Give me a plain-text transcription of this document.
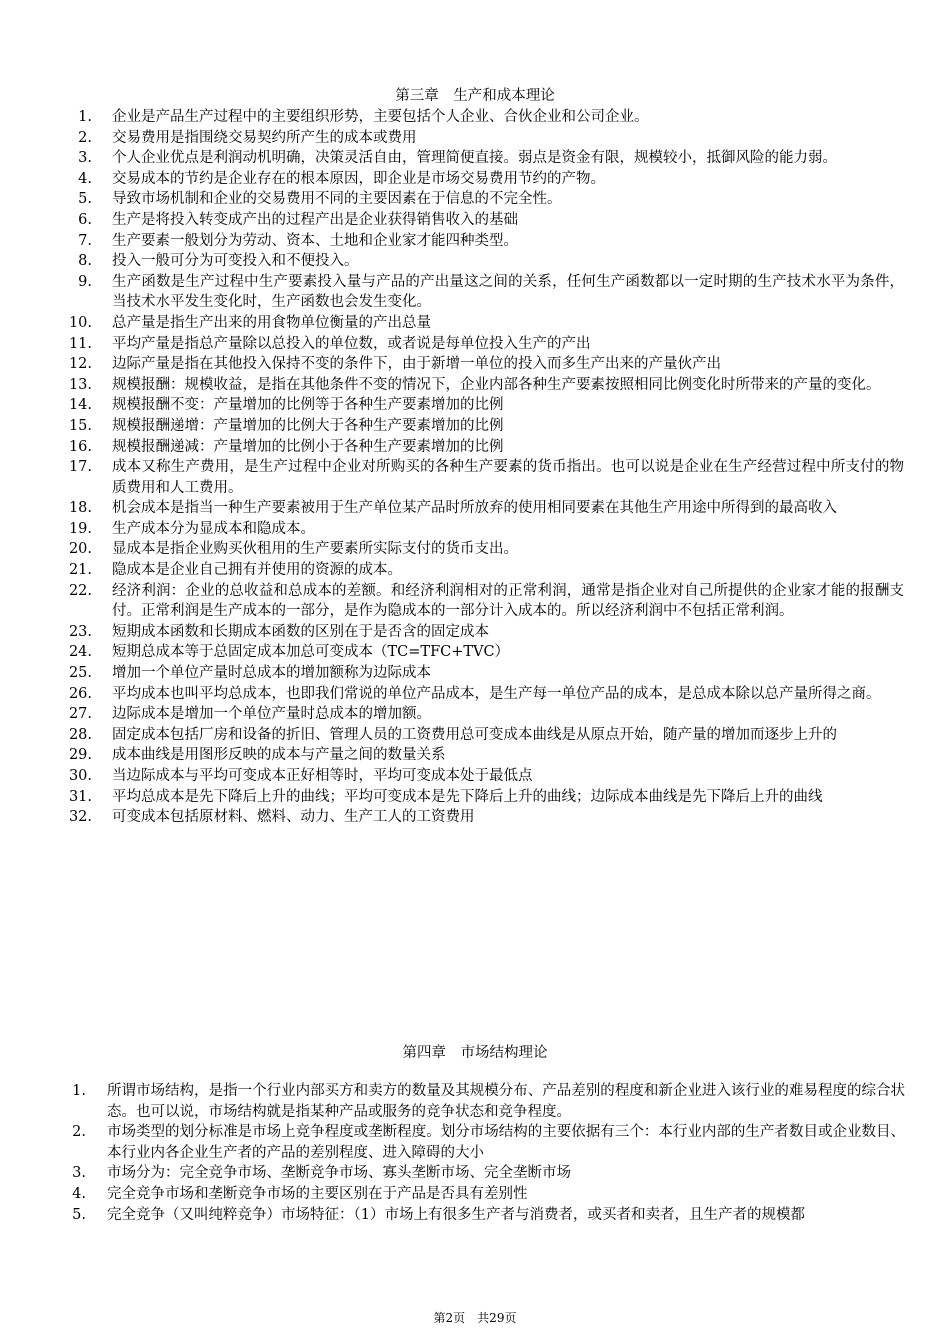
第三章　生产和成本理论
1. 企业是产品生产过程中的主要组织形势，主要包括个人企业、合伙企业和公司企业。
2. 交易费用是指围绕交易契约所产生的成本或费用
3. 个人企业优点是利润动机明确，决策灵活自由，管理简便直接。弱点是资金有限，规模较小，抵御风险的能力弱。
4. 交易成本的节约是企业存在的根本原因，即企业是市场交易费用节约的产物。
5. 导致市场机制和企业的交易费用不同的主要因素在于信息的不完全性。
6. 生产是将投入转变成产出的过程产出是企业获得销售收入的基础
7. 生产要素一般划分为劳动、资本、土地和企业家才能四种类型。
8. 投入一般可分为可变投入和不便投入。
9. 生产函数是生产过程中生产要素投入量与产品的产出量这之间的关系，任何生产函数都以一定时期的生产技术水平为条件，当技术水平发生变化时，生产函数也会发生变化。
10. 总产量是指生产出来的用食物单位衡量的产出总量
11. 平均产量是指总产量除以总投入的单位数，或者说是每单位投入生产的产出
12. 边际产量是指在其他投入保持不变的条件下，由于新增一单位的投入而多生产出来的产量伙产出
13. 规模报酬：规模收益，是指在其他条件不变的情况下，企业内部各种生产要素按照相同比例变化时所带来的产量的变化。
14. 规模报酬不变：产量增加的比例等于各种生产要素增加的比例
15. 规模报酬递增：产量增加的比例大于各种生产要素增加的比例
16. 规模报酬递减：产量增加的比例小于各种生产要素增加的比例
17. 成本又称生产费用，是生产过程中企业对所购买的各种生产要素的货币指出。也可以说是企业在生产经营过程中所支付的物质费用和人工费用。
18. 机会成本是指当一种生产要素被用于生产单位某产品时所放弃的使用相同要素在其他生产用途中所得到的最高收入
19. 生产成本分为显成本和隐成本。
20. 显成本是指企业购买伙租用的生产要素所实际支付的货币支出。
21. 隐成本是企业自己拥有并使用的资源的成本。
22. 经济利润：企业的总收益和总成本的差额。和经济利润相对的正常利润，通常是指企业对自己所提供的企业家才能的报酬支付。正常利润是生产成本的一部分，是作为隐成本的一部分计入成本的。所以经济利润中不包括正常利润。
23. 短期成本函数和长期成本函数的区别在于是否含的固定成本
24. 短期总成本等于总固定成本加总可变成本（TC=TFC+TVC）
25. 增加一个单位产量时总成本的增加额称为边际成本
26. 平均成本也叫平均总成本，也即我们常说的单位产品成本，是生产每一单位产品的成本，是总成本除以总产量所得之商。
27. 边际成本是增加一个单位产量时总成本的增加额。
28. 固定成本包括厂房和设备的折旧、管理人员的工资费用总可变成本曲线是从原点开始，随产量的增加而逐步上升的
29. 成本曲线是用图形反映的成本与产量之间的数量关系
30. 当边际成本与平均可变成本正好相等时，平均可变成本处于最低点
31. 平均总成本是先下降后上升的曲线；平均可变成本是先下降后上升的曲线；边际成本曲线是先下降后上升的曲线
32. 可变成本包括原材料、燃料、动力、生产工人的工资费用
第四章　市场结构理论
1. 所谓市场结构，是指一个行业内部买方和卖方的数量及其规模分布、产品差别的程度和新企业进入该行业的难易程度的综合状态。也可以说，市场结构就是指某种产品或服务的竞争状态和竞争程度。
2. 市场类型的划分标准是市场上竞争程度或垄断程度。划分市场结构的主要依据有三个：本行业内部的生产者数目或企业数目、本行业内各企业生产者的产品的差别程度、进入障碍的大小
3. 市场分为：完全竞争市场、垄断竞争市场、寡头垄断市场、完全垄断市场
4. 完全竞争市场和垄断竞争市场的主要区别在于产品是否具有差别性
5. 完全竞争（又叫纯粹竞争）市场特征：（1）市场上有很多生产者与消费者，或买者和卖者，且生产者的规模都
第2页　共29页
